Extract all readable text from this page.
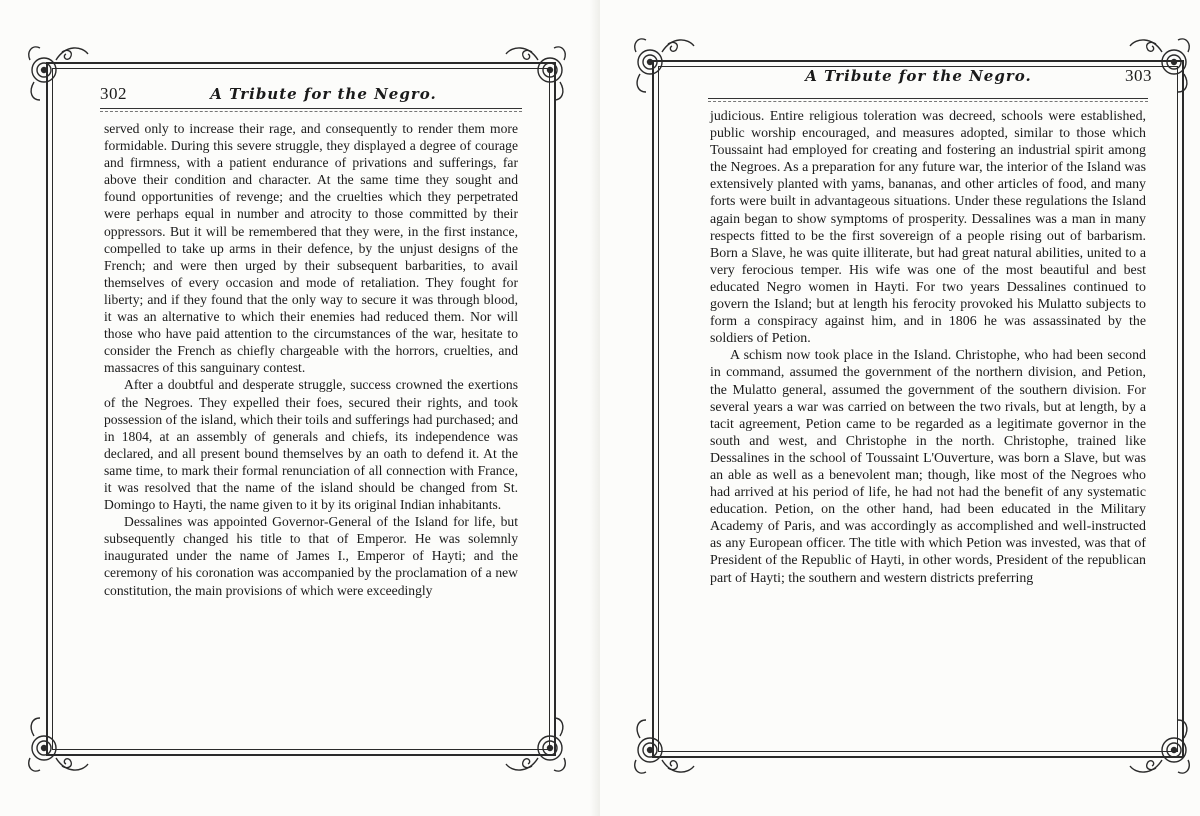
302	A Tribute for the Negro.

served only to increase their rage, and consequently to render them more formidable. During this severe struggle, they displayed a degree of courage and firmness, with a patient endurance of privations and sufferings, far above their condition and character. At the same time they sought and found opportunities of revenge; and the cruelties which they perpetrated were perhaps equal in number and atrocity to those committed by their oppressors. But it will be remembered that they were, in the first instance, compelled to take up arms in their defence, by the unjust designs of the French; and were then urged by their subsequent barbarities, to avail themselves of every occasion and mode of retaliation. They fought for liberty; and if they found that the only way to secure it was through blood, it was an alternative to which their enemies had reduced them. Nor will those who have paid attention to the circumstances of the war, hesitate to consider the French as chiefly chargeable with the horrors, cruelties, and massacres of this sanguinary contest.

After a doubtful and desperate struggle, success crowned the exertions of the Negroes. They expelled their foes, secured their rights, and took possession of the island, which their toils and sufferings had purchased; and in 1804, at an assembly of generals and chiefs, its independence was declared, and all present bound themselves by an oath to defend it. At the same time, to mark their formal renunciation of all connection with France, it was resolved that the name of the island should be changed from St. Domingo to Hayti, the name given to it by its original Indian inhabitants.

Dessalines was appointed Governor-General of the Island for life, but subsequently changed his title to that of Emperor. He was solemnly inaugurated under the name of James I., Emperor of Hayti; and the ceremony of his coronation was accompanied by the proclamation of a new constitution, the main provisions of which were exceedingly

A Tribute for the Negro.	303

judicious. Entire religious toleration was decreed, schools were established, public worship encouraged, and measures adopted, similar to those which Toussaint had employed for creating and fostering an industrial spirit among the Negroes. As a preparation for any future war, the interior of the Island was extensively planted with yams, bananas, and other articles of food, and many forts were built in advantageous situations. Under these regulations the Island again began to show symptoms of prosperity. Dessalines was a man in many respects fitted to be the first sovereign of a people rising out of barbarism. Born a Slave, he was quite illiterate, but had great natural abilities, united to a very ferocious temper. His wife was one of the most beautiful and best educated Negro women in Hayti. For two years Dessalines continued to govern the Island; but at length his ferocity provoked his Mulatto subjects to form a conspiracy against him, and in 1806 he was assassinated by the soldiers of Petion.

A schism now took place in the Island. Christophe, who had been second in command, assumed the government of the northern division, and Petion, the Mulatto general, assumed the government of the southern division. For several years a war was carried on between the two rivals, but at length, by a tacit agreement, Petion came to be regarded as a legitimate governor in the south and west, and Christophe in the north. Christophe, trained like Dessalines in the school of Toussaint L'Ouverture, was born a Slave, but was an able as well as a benevolent man; though, like most of the Negroes who had arrived at his period of life, he had not had the benefit of any systematic education. Petion, on the other hand, had been educated in the Military Academy of Paris, and was accordingly as accomplished and well-instructed as any European officer. The title with which Petion was invested, was that of President of the Republic of Hayti, in other words, President of the republican part of Hayti; the southern and western districts preferring
